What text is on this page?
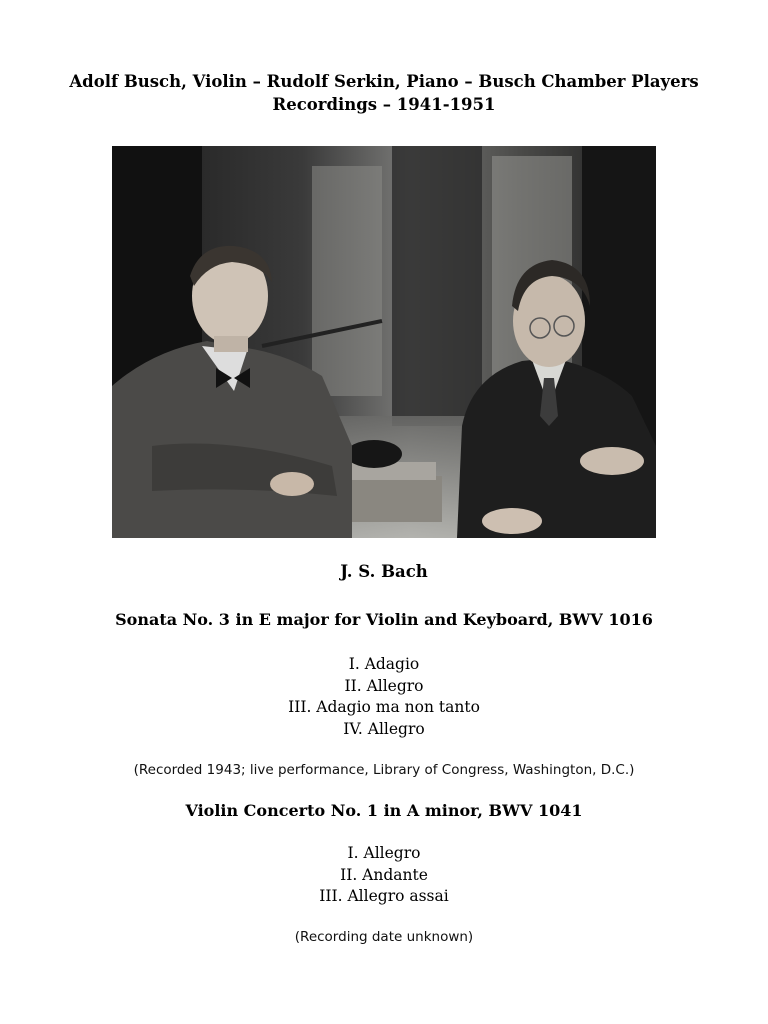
Adolf Busch, Violin – Rudolf Serkin, Piano – Busch Chamber Players
Recordings – 1941-1951
J. S. Bach
Sonata No. 3 in E major for Violin and Keyboard, BWV 1016
I. Adagio
II. Allegro
III. Adagio ma non tanto
IV. Allegro
(Recorded 1943; live performance, Library of Congress, Washington, D.C.)
Violin Concerto No. 1 in A minor, BWV 1041
I. Allegro
II. Andante
III. Allegro assai
(Recording date unknown)
